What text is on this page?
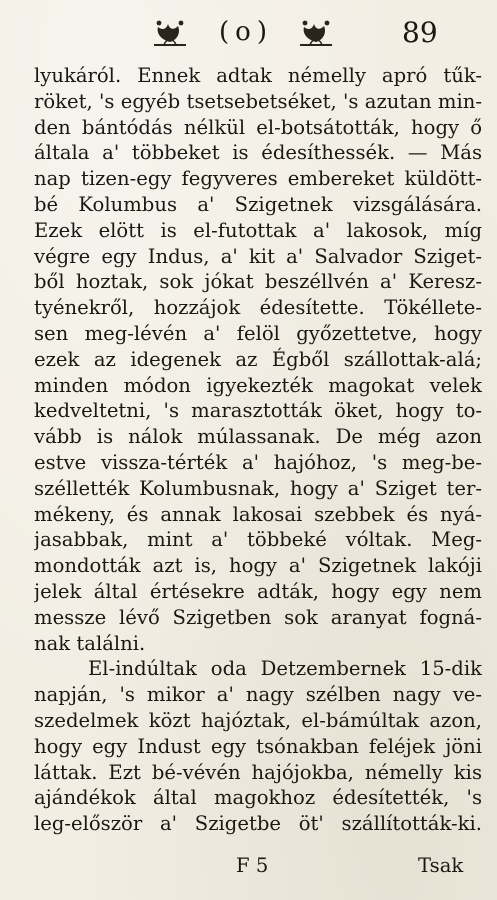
(o)	89
lyukáról. Ennek adtak némelly apró tűk-
röket, 's egyéb tsetsebetséket, 's azutan min-
den bántódás nélkül el-botsátották, hogy ő
általa a' többeket is édesíthessék. — Más
nap tizen-egy fegyveres embereket küldött-
bé Kolumbus a' Szigetnek vizsgálására.
Ezek elött is el-futottak a' lakosok, míg
végre egy Indus, a' kit a' Salvador Sziget-
ből hoztak, sok jókat beszéllvén a' Keresz-
tyénekről, hozzájok édesítette. Tökéllete-
sen meg-lévén a' felöl győzettetve, hogy
ezek az idegenek az Égből szállottak-alá;
minden módon igyekezték magokat velek
kedveltetni, 's marasztották öket, hogy to-
vább is nálok múlassanak. De még azon
estve vissza-térték a' hajóhoz, 's meg-be-
széllették Kolumbusnak, hogy a' Sziget ter-
mékeny, és annak lakosai szebbek és nyá-
jasabbak, mint a' többeké vóltak. Meg-
mondották azt is, hogy a' Szigetnek lakóji
jelek által értésekre adták, hogy egy nem
messze lévő Szigetben sok aranyat fogná-
nak találni.
El-indúltak oda Detzembernek 15-dik
napján, 's mikor a' nagy szélben nagy ve-
szedelmek közt hajóztak, el-bámúltak azon,
hogy egy Indust egy tsónakban feléjek jöni
láttak. Ezt bé-vévén hajójokba, némelly kis
ajándékok által magokhoz édesítették, 's
leg-először a' Szigetbe öt' szállították-ki.
F 5	Tsak
